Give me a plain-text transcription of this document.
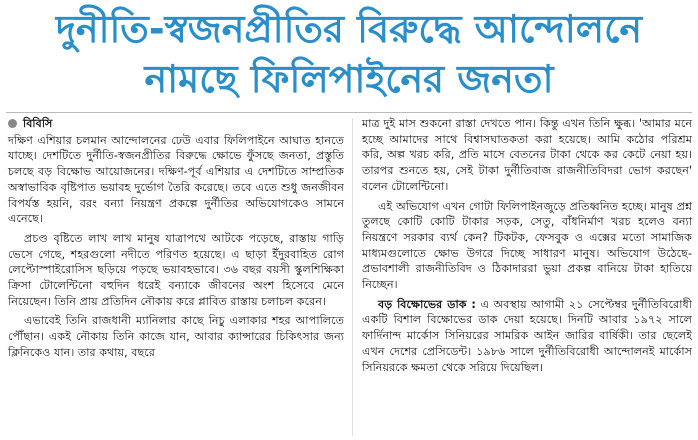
দুনীতি-স্বজনপ্রীতির বিরুদ্ধে আন্দোলনে
নামছে ফিলিপাইনের জনতা
বিবিসি

দক্ষিণ এশিয়ার চলমান আন্দোলনের ঢেউ এবার ফিলিপাইনে আঘাত হানতে যাচ্ছে। দেশটিতে দুর্নীতি-স্বজনপ্রীতির বিরুদ্ধে ক্ষোভে ফুঁসছে জনতা, প্রস্তুতি চলছে বড় বিক্ষোভ আয়োজনের। দক্ষিণ-পূর্ব এশিয়ার এ দেশটিতে সাম্প্রতিক অস্বাভাবিক বৃষ্টিপাত ভয়াবহ দুর্ভোগ তৈরি করেছে। তবে এতে শুধু জনজীবন বিপর্যস্ত হয়নি, বরং বন্যা নিয়ন্ত্রণ প্রকল্পে দুর্নীতির অভিযোগকেও সামনে এনেছে।

প্রচণ্ড বৃষ্টিতে লাখ লাখ মানুষ যাত্রাপথে আটকে পড়েছে, রাস্তায় গাড়ি ভেসে গেছে, শহরগুলো নদীতে পরিণত হয়েছে। এ ছাড়া ইঁদুরবাহিত রোগ লেপ্টোস্পাইরোসিস ছড়িয়ে পড়ছে ভয়াবহভাবে। ৩৬ বছর বয়সী স্কুলশিক্ষিকা ক্রিসা টোলেন্টিনো বহুদিন ধরেই বন্যাকে জীবনের অংশ হিসেবে মেনে নিয়েছেন। তিনি প্রায় প্রতিদিন নৌকায় করে প্লাবিত রাস্তায় চলাচল করেন।

এভাবেই তিনি রাজধানী ম্যানিলার কাছে নিচু এলাকার শহর আপালিতে পৌঁছান। একই নৌকায় তিনি কাজে যান, আবার ক্যান্সারের চিকিৎসার জন্য ক্লিনিকেও যান। তার কথায়, বছরে

মাত্র দুই মাস শুকনো রাস্তা দেখতে পান। কিন্তু এখন তিনি ক্ষুব্ধ। 'আমার মনে হচ্ছে আমাদের সাথে বিশ্বাসঘাতকতা করা হয়েছে। আমি কঠোর পরিশ্রম করি, অল্প খরচ করি, প্রতি মাসে বেতনের টাকা থেকে কর কেটে নেয়া হয়। তারপর শুনতে হয়, সেই টাকা দুর্নীতিবাজ রাজনীতিবিদরা ভোগ করছেন' বলেন টোলেন্টিনো।

এই অভিযোগ এখন গোটা ফিলিপাইনজুড়ে প্রতিধ্বনিত হচ্ছে। মানুষ প্রশ্ন তুলছে কোটি কোটি টাকার সড়ক, সেতু, বাঁধনির্মাণ খরচ হলেও বন্যা নিয়ন্ত্রণে সরকার ব্যর্থ কেন? টিকটক, ফেসবুক ও এক্সের মতো সামাজিক মাধ্যমগুলোতে ক্ষোভ উগরে দিচ্ছে সাধারণ মানুষ। অভিযোগ উঠেছে- প্রভাবশালী রাজনীতিবিদ ও ঠিকাদাররা ভুয়া প্রকল্প বানিয়ে টাকা হাতিয়ে নিচ্ছেন।

বড় বিক্ষোভের ডাক : এ অবস্থায় আগামী ২১ সেপ্টেম্বর দুর্নীতিবিরোধী একটি বিশাল বিক্ষোভের ডাক দেয়া হয়েছে। দিনটি আবার ১৯৭২ সালে ফার্দিনান্দ মার্কোস সিনিয়রের সামরিক আইন জারির বার্ষিকী। তার ছেলেই এখন দেশের প্রেসিডেন্ট। ১৯৮৬ সালে দুর্নীতিবিরোধী আন্দোলনই মার্কোস সিনিয়রকে ক্ষমতা থেকে সরিয়ে দিয়েছিল।
